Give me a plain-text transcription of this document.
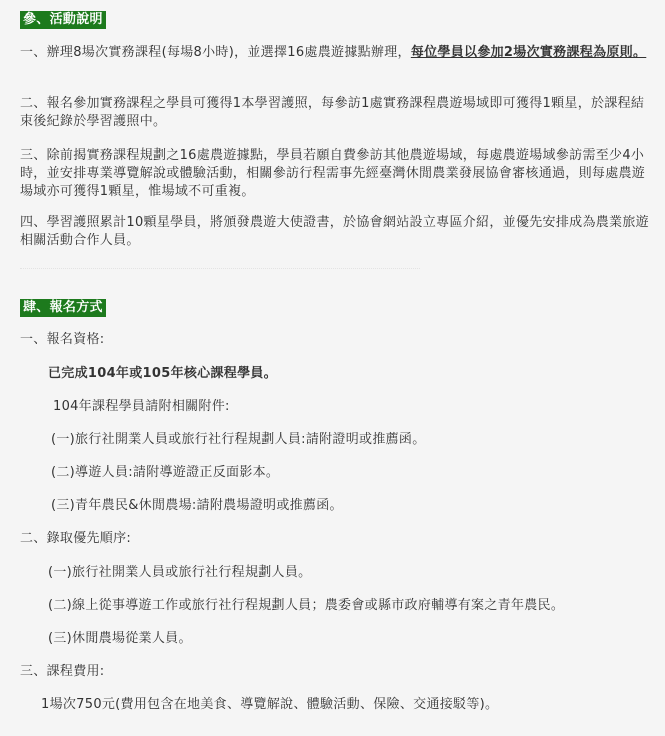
參、活動說明

一、辦理8場次實務課程(每場8小時)，並選擇16處農遊據點辦理，每位學員以參加2場次實務課程為原則。

二、報名參加實務課程之學員可獲得1本學習護照，每參訪1處實務課程農遊場域即可獲得1顆星，於課程結束後紀錄於學習護照中。

三、除前揭實務課程規劃之16處農遊據點，學員若願自費參訪其他農遊場域，每處農遊場域參訪需至少4小時，並安排專業導覽解說或體驗活動，相關參訪行程需事先經臺灣休閒農業發展協會審核通過，則每處農遊場域亦可獲得1顆星，惟場域不可重複。

四、學習護照累計10顆星學員，將頒發農遊大使證書，於協會網站設立專區介紹，並優先安排成為農業旅遊相關活動合作人員。

肆、報名方式

一、報名資格:

已完成104年或105年核心課程學員。

104年課程學員請附相關附件:

(一)旅行社開業人員或旅行社行程規劃人員:請附證明或推薦函。

(二)導遊人員:請附導遊證正反面影本。

(三)青年農民&休閒農場:請附農場證明或推薦函。

二、錄取優先順序:

(一)旅行社開業人員或旅行社行程規劃人員。

(二)線上從事導遊工作或旅行社行程規劃人員；農委會或縣市政府輔導有案之青年農民。

(三)休閒農場從業人員。

三、課程費用:

1場次750元(費用包含在地美食、導覽解說、體驗活動、保險、交通接駁等)。
